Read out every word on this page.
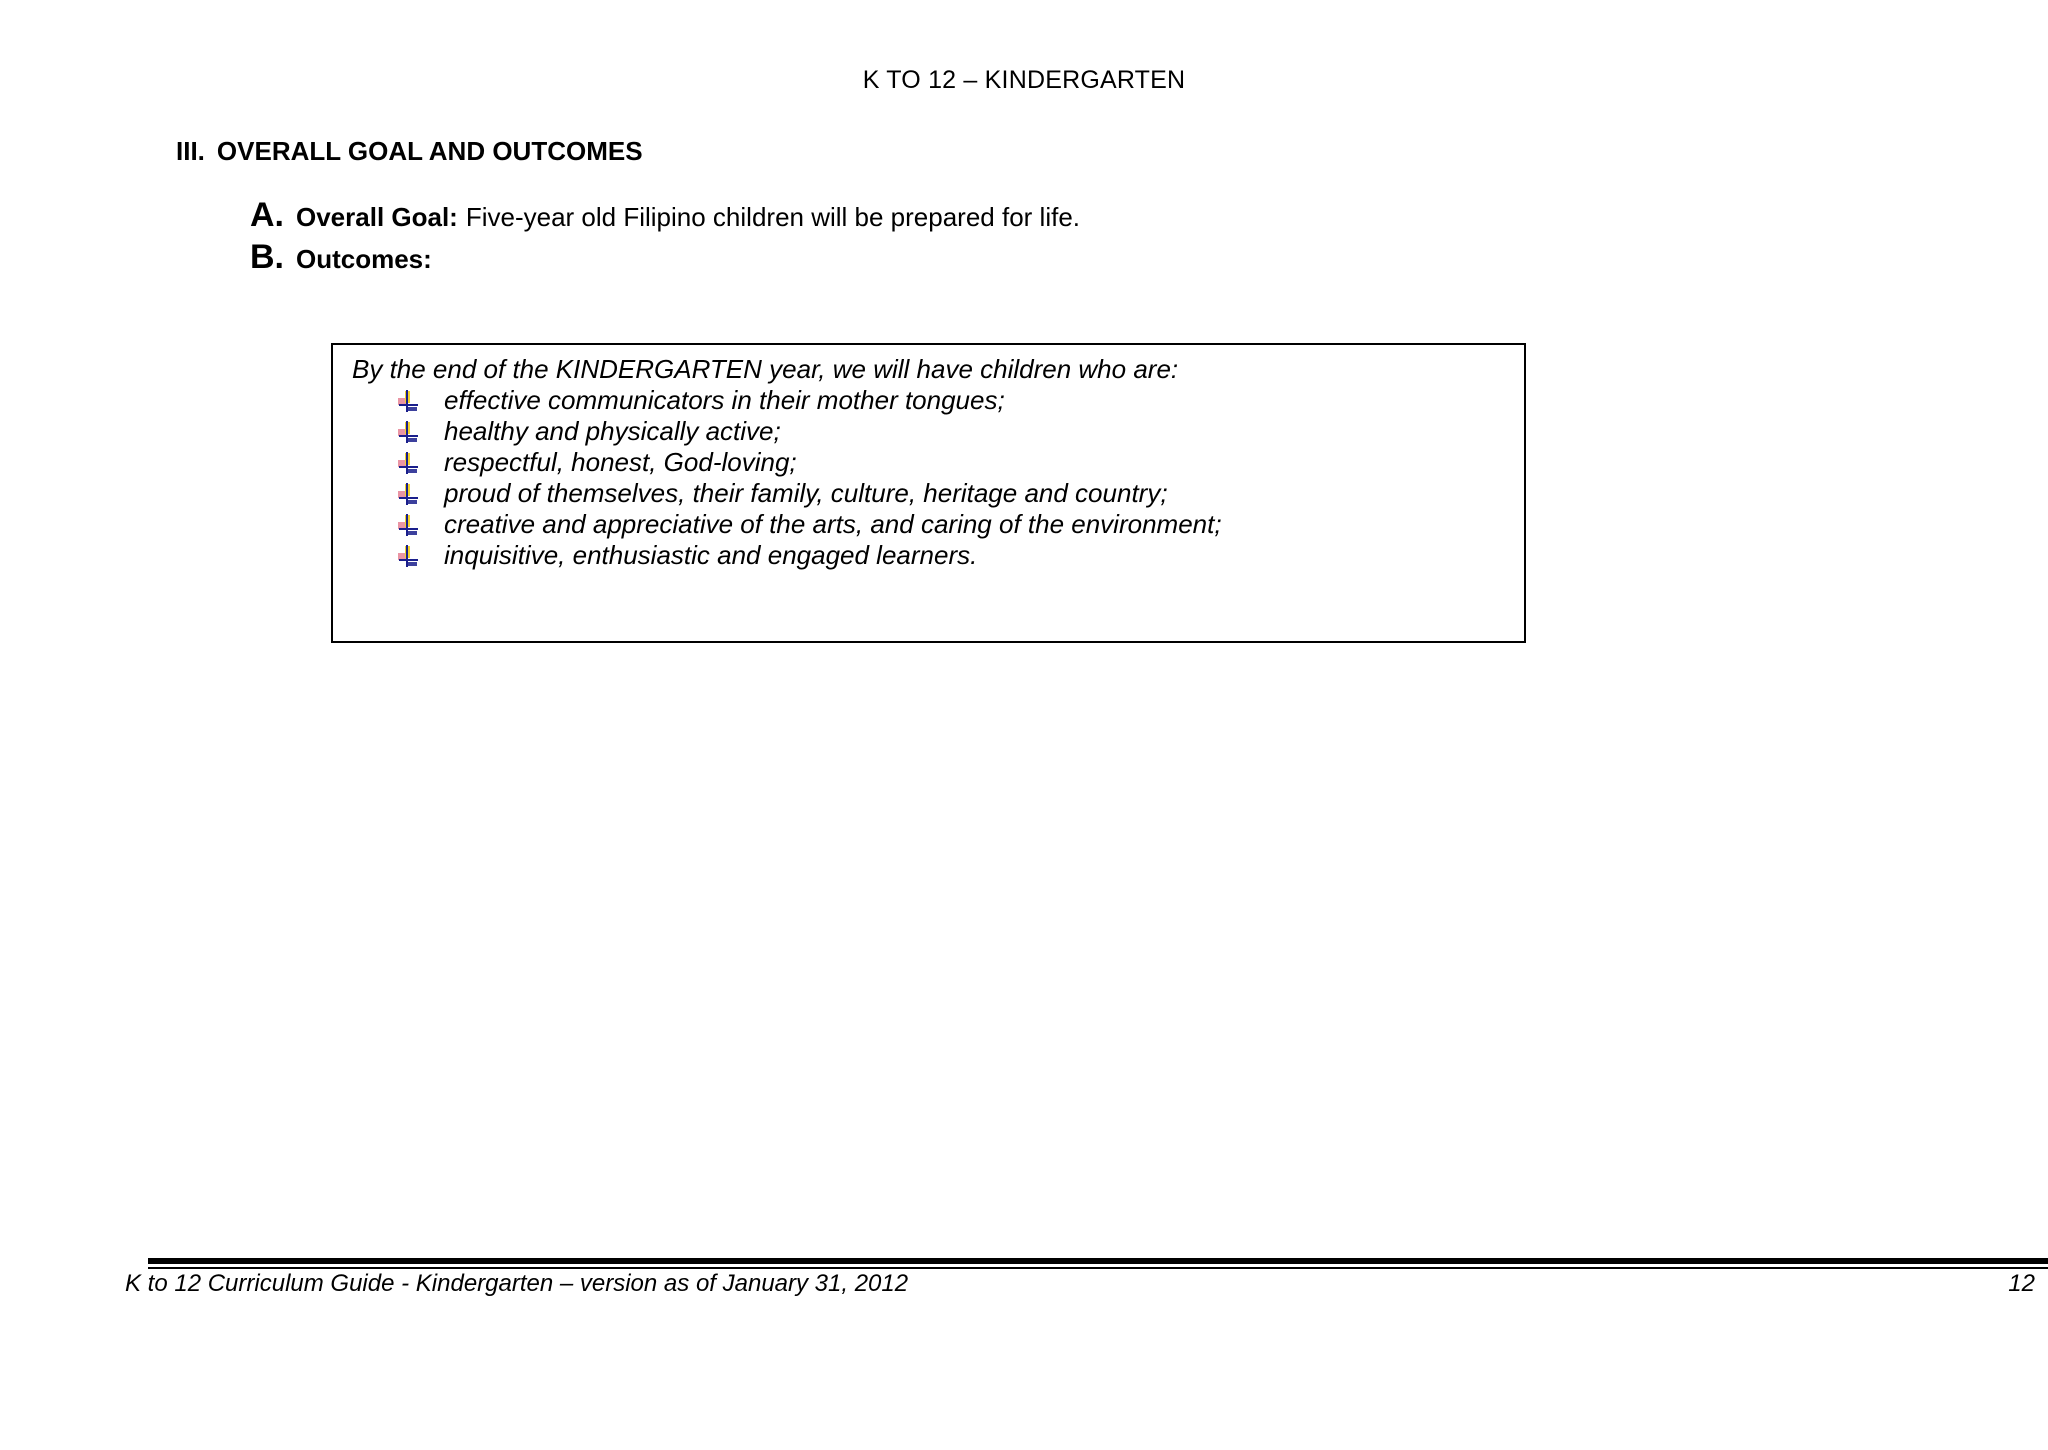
K TO 12 – KINDERGARTEN
III. OVERALL GOAL AND OUTCOMES
A. Overall Goal: Five-year old Filipino children will be prepared for life.
B. Outcomes:
By the end of the KINDERGARTEN year, we will have children who are:
effective communicators in their mother tongues;
healthy and physically active;
respectful, honest, God-loving;
proud of themselves, their family, culture, heritage and country;
creative and appreciative of the arts, and caring of the environment;
inquisitive, enthusiastic and engaged learners.
K to 12 Curriculum Guide - Kindergarten – version as of January 31, 2012	12
